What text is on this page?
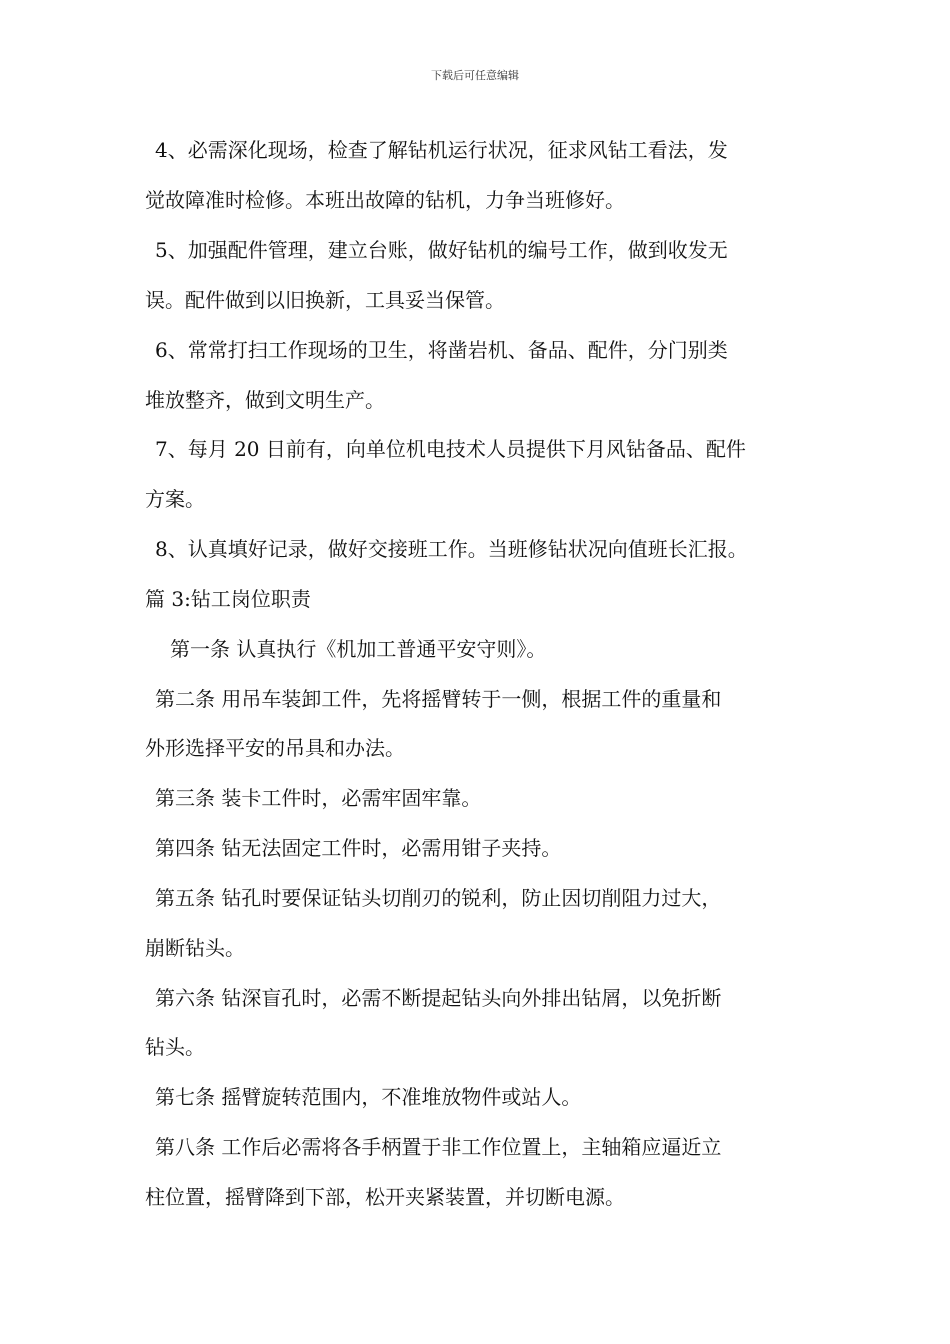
下载后可任意编辑
4、必需深化现场，检查了解钻机运行状况，征求风钻工看法，发
觉故障准时检修。本班出故障的钻机，力争当班修好。
5、加强配件管理，建立台账，做好钻机的编号工作，做到收发无
误。配件做到以旧换新，工具妥当保管。
6、常常打扫工作现场的卫生，将凿岩机、备品、配件，分门别类
堆放整齐，做到文明生产。
7、每月 20 日前有，向单位机电技术人员提供下月风钻备品、配件
方案。
8、认真填好记录，做好交接班工作。当班修钻状况向值班长汇报。
篇 3:钻工岗位职责
第一条 认真执行《机加工普通平安守则》。
第二条 用吊车装卸工件，先将摇臂转于一侧，根据工件的重量和
外形选择平安的吊具和办法。
第三条 装卡工件时，必需牢固牢靠。
第四条 钻无法固定工件时，必需用钳子夹持。
第五条 钻孔时要保证钻头切削刃的锐利，防止因切削阻力过大，
崩断钻头。
第六条 钻深盲孔时，必需不断提起钻头向外排出钻屑，以免折断
钻头。
第七条 摇臂旋转范围内，不准堆放物件或站人。
第八条 工作后必需将各手柄置于非工作位置上，主轴箱应逼近立
柱位置，摇臂降到下部，松开夹紧装置，并切断电源。
